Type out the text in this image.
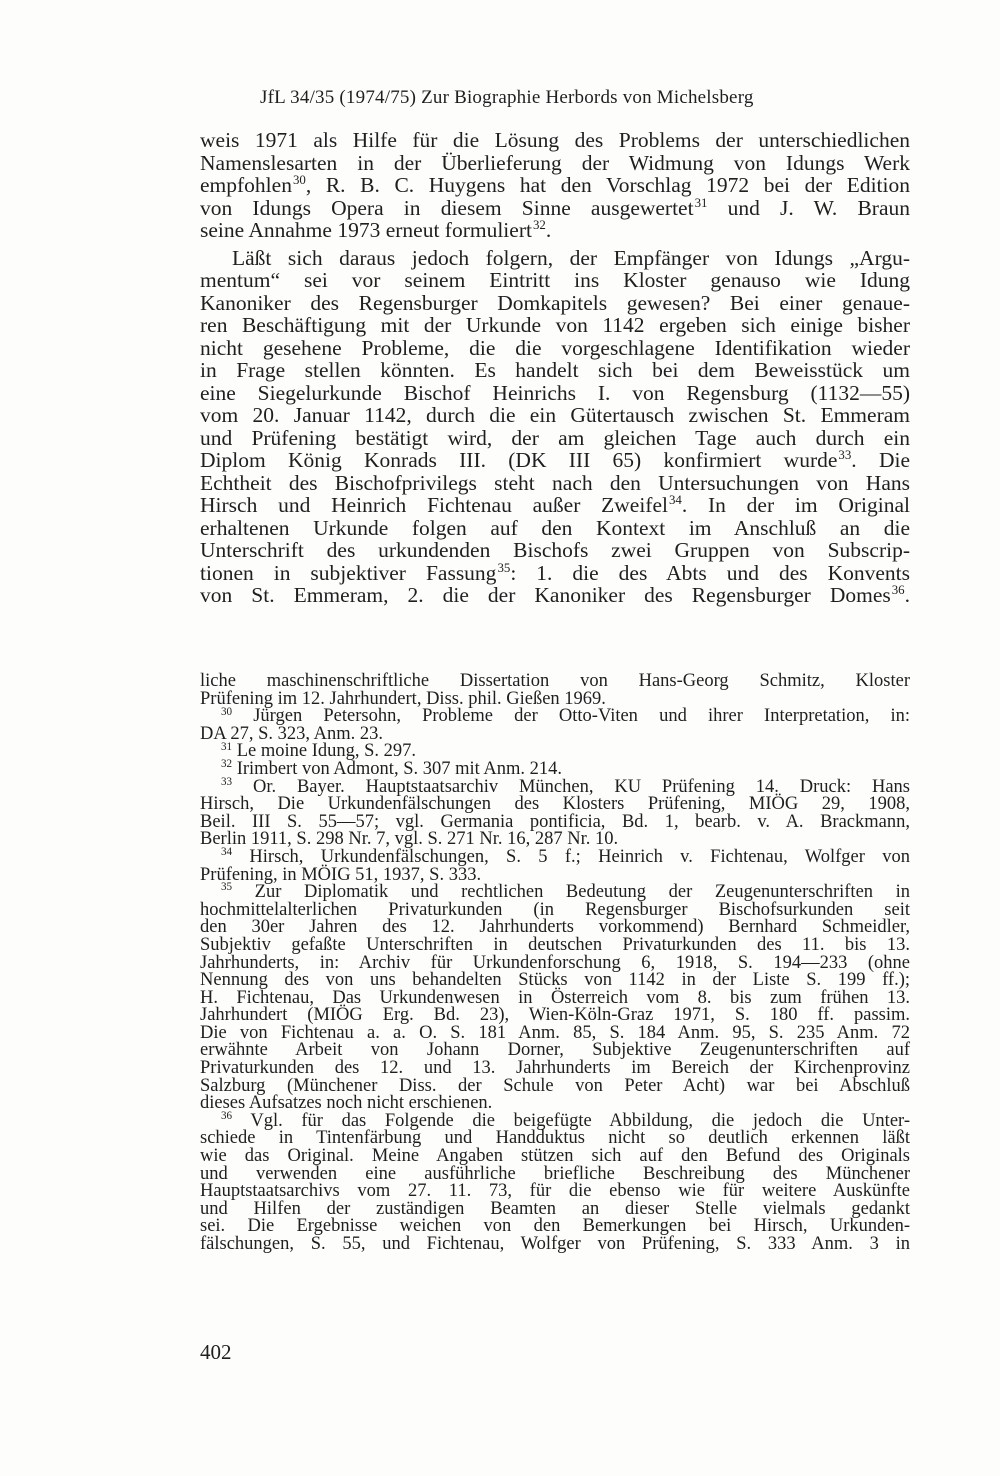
JfL 34/35 (1974/75) Zur Biographie Herbords von Michelsberg

weis 1971 als Hilfe für die Lösung des Problems der unterschiedlichen
Namenslesarten in der Überlieferung der Widmung von Idungs Werk
empfohlen$^{30}$, R. B. C. Huygens hat den Vorschlag 1972 bei der Edition
von Idungs Opera in diesem Sinne ausgewertet$^{31}$ und J. W. Braun
seine Annahme 1973 erneut formuliert$^{32}$.

Läßt sich daraus jedoch folgern, der Empfänger von Idungs „Argu-
mentum“ sei vor seinem Eintritt ins Kloster genauso wie Idung
Kanoniker des Regensburger Domkapitels gewesen? Bei einer genaue-
ren Beschäftigung mit der Urkunde von 1142 ergeben sich einige bisher
nicht gesehene Probleme, die die vorgeschlagene Identifikation wieder
in Frage stellen könnten. Es handelt sich bei dem Beweisstück um
eine Siegelurkunde Bischof Heinrichs I. von Regensburg (1132—55)
vom 20. Januar 1142, durch die ein Gütertausch zwischen St. Emmeram
und Prüfening bestätigt wird, der am gleichen Tage auch durch ein
Diplom König Konrads III. (DK III 65) konfirmiert wurde$^{33}$. Die
Echtheit des Bischofprivilegs steht nach den Untersuchungen von Hans
Hirsch und Heinrich Fichtenau außer Zweifel$^{34}$. In der im Original
erhaltenen Urkunde folgen auf den Kontext im Anschluß an die
Unterschrift des urkundenden Bischofs zwei Gruppen von Subscrip-
tionen in subjektiver Fassung$^{35}$: 1. die des Abts und des Konvents
von St. Emmeram, 2. die der Kanoniker des Regensburger Domes$^{36}$.

liche maschinenschriftliche Dissertation von Hans-Georg Schmitz, Kloster
Prüfening im 12. Jahrhundert, Diss. phil. Gießen 1969.

$^{30}$ Jürgen Petersohn, Probleme der Otto-Viten und ihrer Interpretation, in:
DA 27, S. 323, Anm. 23.

$^{31}$ Le moine Idung, S. 297.

$^{32}$ Irimbert von Admont, S. 307 mit Anm. 214.

$^{33}$ Or. Bayer. Hauptstaatsarchiv München, KU Prüfening 14. Druck: Hans
Hirsch, Die Urkundenfälschungen des Klosters Prüfening, MIÖG 29, 1908,
Beil. III S. 55—57; vgl. Germania pontificia, Bd. 1, bearb. v. A. Brackmann,
Berlin 1911, S. 298 Nr. 7, vgl. S. 271 Nr. 16, 287 Nr. 10.

$^{34}$ Hirsch, Urkundenfälschungen, S. 5 f.; Heinrich v. Fichtenau, Wolfger von
Prüfening, in MÖIG 51, 1937, S. 333.

$^{35}$ Zur Diplomatik und rechtlichen Bedeutung der Zeugenunterschriften in
hochmittelalterlichen Privaturkunden (in Regensburger Bischofsurkunden seit
den 30er Jahren des 12. Jahrhunderts vorkommend) Bernhard Schmeidler,
Subjektiv gefaßte Unterschriften in deutschen Privaturkunden des 11. bis 13.
Jahrhunderts, in: Archiv für Urkundenforschung 6, 1918, S. 194—233 (ohne
Nennung des von uns behandelten Stücks von 1142 in der Liste S. 199 ff.);
H. Fichtenau, Das Urkundenwesen in Österreich vom 8. bis zum frühen 13.
Jahrhundert (MIÖG Erg. Bd. 23), Wien-Köln-Graz 1971, S. 180 ff. passim.
Die von Fichtenau a. a. O. S. 181 Anm. 85, S. 184 Anm. 95, S. 235 Anm. 72
erwähnte Arbeit von Johann Dorner, Subjektive Zeugenunterschriften auf
Privaturkunden des 12. und 13. Jahrhunderts im Bereich der Kirchenprovinz
Salzburg (Münchener Diss. der Schule von Peter Acht) war bei Abschluß
dieses Aufsatzes noch nicht erschienen.

$^{36}$ Vgl. für das Folgende die beigefügte Abbildung, die jedoch die Unter-
schiede in Tintenfärbung und Handduktus nicht so deutlich erkennen läßt
wie das Original. Meine Angaben stützen sich auf den Befund des Originals
und verwenden eine ausführliche briefliche Beschreibung des Münchener
Hauptstaatsarchivs vom 27. 11. 73, für die ebenso wie für weitere Auskünfte
und Hilfen der zuständigen Beamten an dieser Stelle vielmals gedankt
sei. Die Ergebnisse weichen von den Bemerkungen bei Hirsch, Urkunden-
fälschungen, S. 55, und Fichtenau, Wolfger von Prüfening, S. 333 Anm. 3 in

402
